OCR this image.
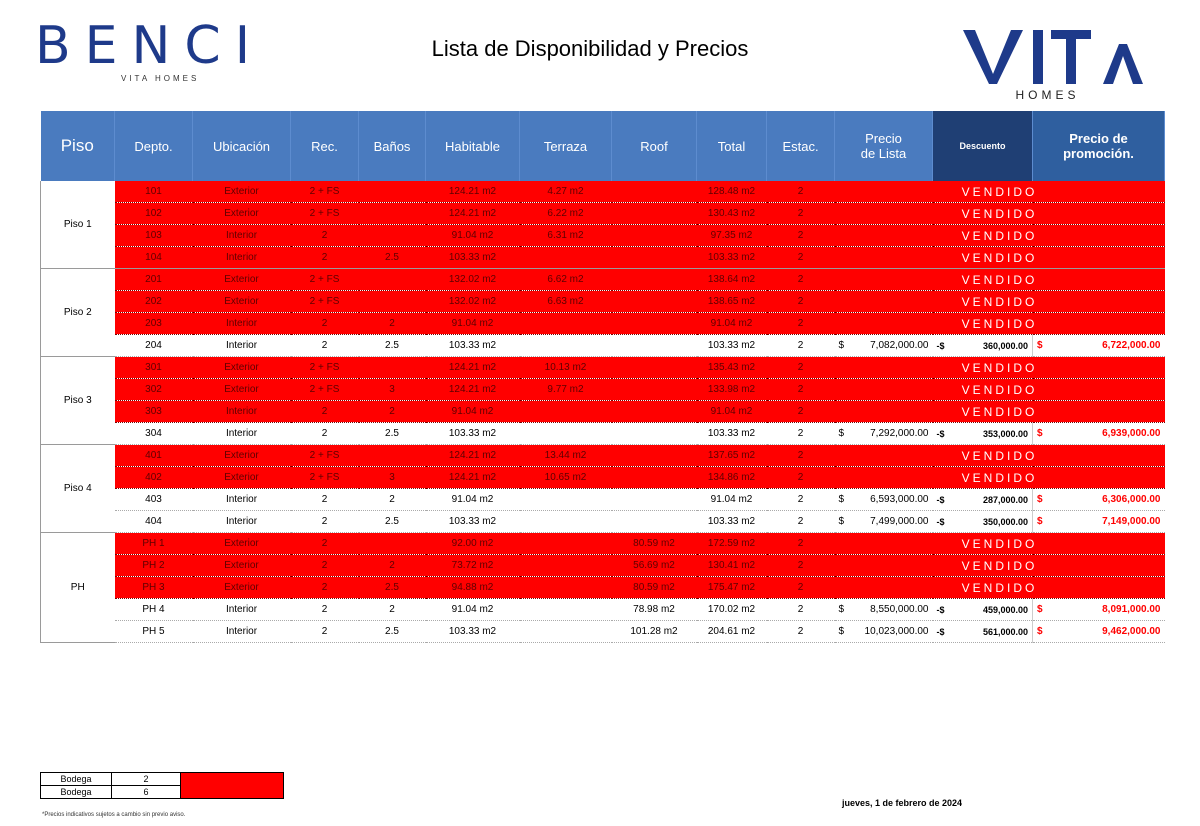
BENCI
VITA HOMES
Lista de Disponibilidad y Precios
HOMES
Piso	Depto.	Ubicación	Rec.	Baños	Habitable	Terraza	Roof	Total	Estac.	Precio
de Lista	Descuento	Precio de
promoción.
Piso 1	101	Exterior	2 + FS		124.21 m2	4.27 m2		128.48 m2	2	VENDIDO		
	102	Exterior	2 + FS		124.21 m2	6.22 m2		130.43 m2	2	VENDIDO		
	103	Interior	2		91.04 m2	6.31 m2		97.35 m2	2	VENDIDO		
	104	Interior	2	2.5	103.33 m2			103.33 m2	2	VENDIDO		
Piso 2	201	Exterior	2 + FS		132.02 m2	6.62 m2		138.64 m2	2	VENDIDO		
	202	Exterior	2 + FS		132.02 m2	6.63 m2		138.65 m2	2	VENDIDO		
	203	Interior	2	2	91.04 m2			91.04 m2	2	VENDIDO		
	204	Interior	2	2.5	103.33 m2			103.33 m2	2	$ 7,082,000.00	-$ 360,000.00	$ 6,722,000.00

Piso 3	301	Exterior	2 + FS		124.21 m2	10.13 m2		135.43 m2	2	VENDIDO		
	302	Exterior	2 + FS	3	124.21 m2	9.77 m2		133.98 m2	2	VENDIDO		
	303	Interior	2	2	91.04 m2			91.04 m2	2	VENDIDO		
	304	Interior	2	2.5	103.33 m2			103.33 m2	2	$ 7,292,000.00	-$ 353,000.00	$ 6,939,000.00

Piso 4	401	Exterior	2 + FS		124.21 m2	13.44 m2		137.65 m2	2	VENDIDO		
	402	Exterior	2 + FS	3	124.21 m2	10.65 m2		134.86 m2	2	VENDIDO		
	403	Interior	2	2	91.04 m2			91.04 m2	2	$ 6,593,000.00	-$ 287,000.00	$ 6,306,000.00

	404	Interior	2	2.5	103.33 m2			103.33 m2	2	$ 7,499,000.00	-$ 350,000.00	$ 7,149,000.00

PH	PH 1	Exterior	2		92.00 m2		80.59 m2	172.59 m2	2	VENDIDO		
	PH 2	Exterior	2	2	73.72 m2		56.69 m2	130.41 m2	2	VENDIDO		
	PH 3	Exterior	2	2.5	94.88 m2		80.59 m2	175.47 m2	2	VENDIDO		
	PH 4	Interior	2	2	91.04 m2		78.98 m2	170.02 m2	2	$ 8,550,000.00	-$ 459,000.00	$ 8,091,000.00

	PH 5	Interior	2	2.5	103.33 m2		101.28 m2	204.61 m2	2	$ 10,023,000.00	-$ 561,000.00	$ 9,462,000.00
Bodega	2	
Bodega	6	
*Precios indicativos sujetos a cambio sin previo aviso.
jueves, 1 de febrero de 2024
